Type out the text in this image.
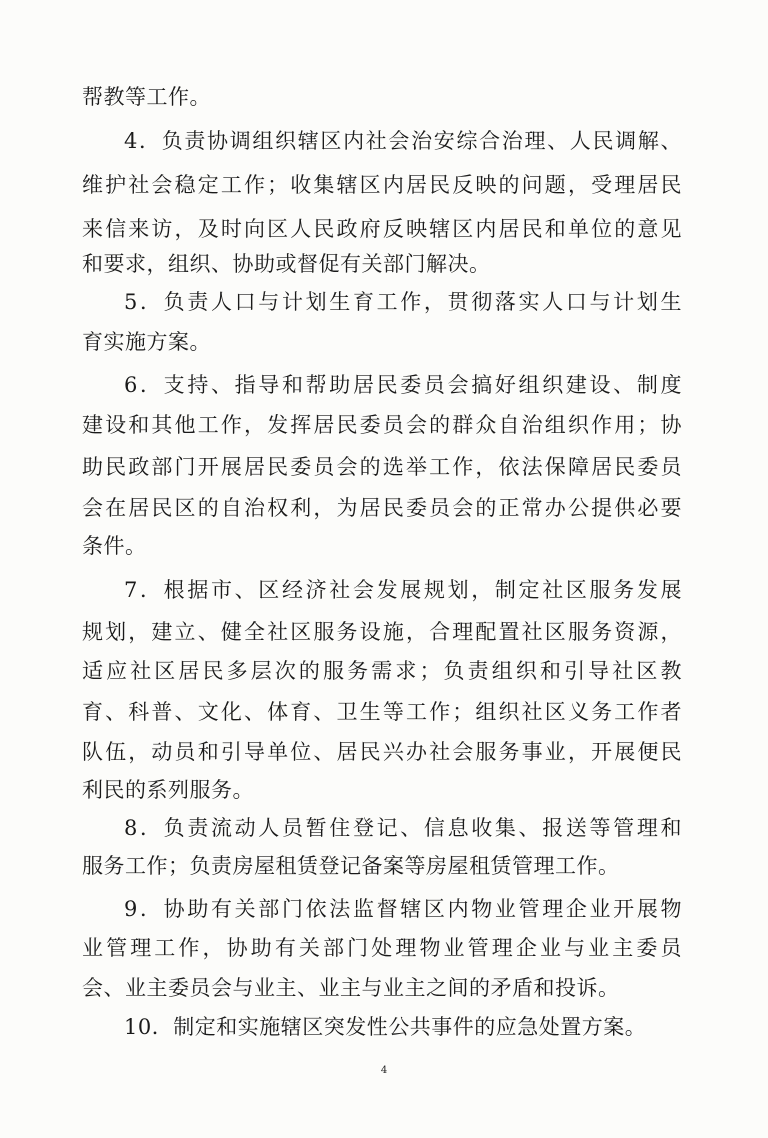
帮教等工作。

4．负责协调组织辖区内社会治安综合治理、人民调解、

维护社会稳定工作；收集辖区内居民反映的问题，受理居民

来信来访，及时向区人民政府反映辖区内居民和单位的意见

和要求，组织、协助或督促有关部门解决。

5．负责人口与计划生育工作，贯彻落实人口与计划生

育实施方案。

6．支持、指导和帮助居民委员会搞好组织建设、制度

建设和其他工作，发挥居民委员会的群众自治组织作用；协

助民政部门开展居民委员会的选举工作，依法保障居民委员

会在居民区的自治权利，为居民委员会的正常办公提供必要

条件。

7．根据市、区经济社会发展规划，制定社区服务发展

规划，建立、健全社区服务设施，合理配置社区服务资源，

适应社区居民多层次的服务需求；负责组织和引导社区教

育、科普、文化、体育、卫生等工作；组织社区义务工作者

队伍，动员和引导单位、居民兴办社会服务事业，开展便民

利民的系列服务。

8．负责流动人员暂住登记、信息收集、报送等管理和

服务工作；负责房屋租赁登记备案等房屋租赁管理工作。

9．协助有关部门依法监督辖区内物业管理企业开展物

业管理工作，协助有关部门处理物业管理企业与业主委员

会、业主委员会与业主、业主与业主之间的矛盾和投诉。

10．制定和实施辖区突发性公共事件的应急处置方案。

4
